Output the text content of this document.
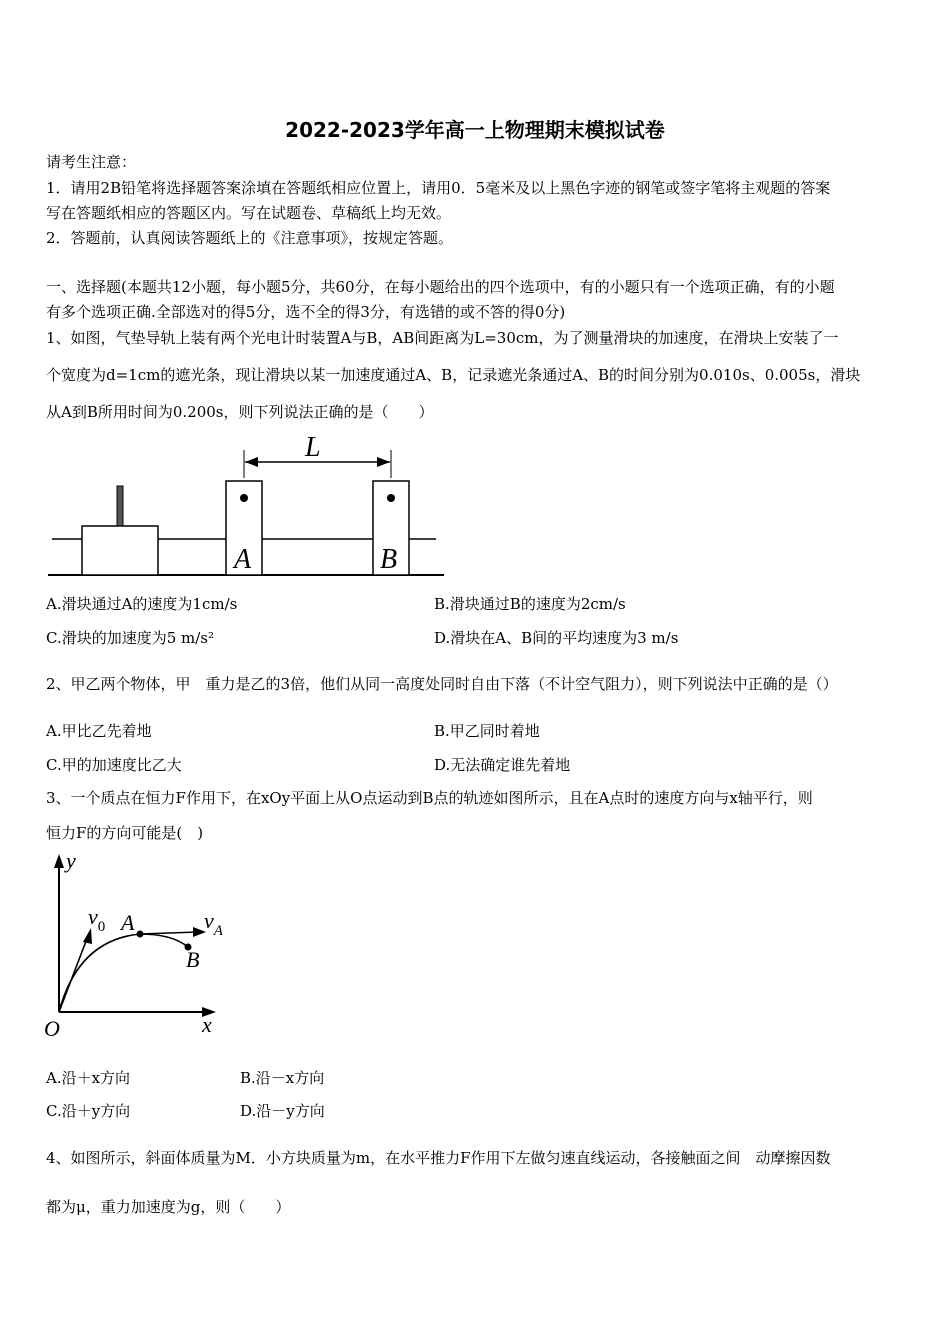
2022-2023学年高一上物理期末模拟试卷
请考生注意：
1．请用2B铅笔将选择题答案涂填在答题纸相应位置上，请用0．5毫米及以上黑色字迹的钢笔或签字笔将主观题的答案
写在答题纸相应的答题区内。写在试题卷、草稿纸上均无效。
2．答题前，认真阅读答题纸上的《注意事项》，按规定答题。
一、选择题(本题共12小题，每小题5分，共60分，在每小题给出的四个选项中，有的小题只有一个选项正确，有的小题
有多个选项正确.全部选对的得5分，选不全的得3分，有选错的或不答的得0分)
1、如图，气垫导轨上装有两个光电计时装置A与B，AB间距离为L=30cm，为了测量滑块的加速度，在滑块上安装了一
个宽度为d=1cm的遮光条，现让滑块以某一加速度通过A、B，记录遮光条通过A、B的时间分别为0.010s、0.005s，滑块
从A到B所用时间为0.200s，则下列说法正确的是（　　）
A	B
L
A.滑块通过A的速度为1cm/s	B.滑块通过B的速度为2cm/s
C.滑块的加速度为5 m/s²	D.滑块在A、B间的平均速度为3 m/s
2、甲乙两个物体，甲　重力是乙的3倍，他们从同一高度处同时自由下落（不计空气阻力），则下列说法中正确的是（）
A.甲比乙先着地	B.甲乙同时着地
C.甲的加速度比乙大	D.无法确定谁先着地
3、一个质点在恒力F作用下，在xOy平面上从O点运动到B点的轨迹如图所示，且在A点时的速度方向与x轴平行，则
恒力F的方向可能是(　)
y
x
O
$v_0$ A	$v_A$
B
A.沿＋x方向	B.沿－x方向
C.沿＋y方向	D.沿－y方向
4、如图所示，斜面体质量为M．小方块质量为m，在水平推力F作用下左做匀速直线运动，各接触面之间　动摩擦因数
都为μ，重力加速度为g，则（　　）
